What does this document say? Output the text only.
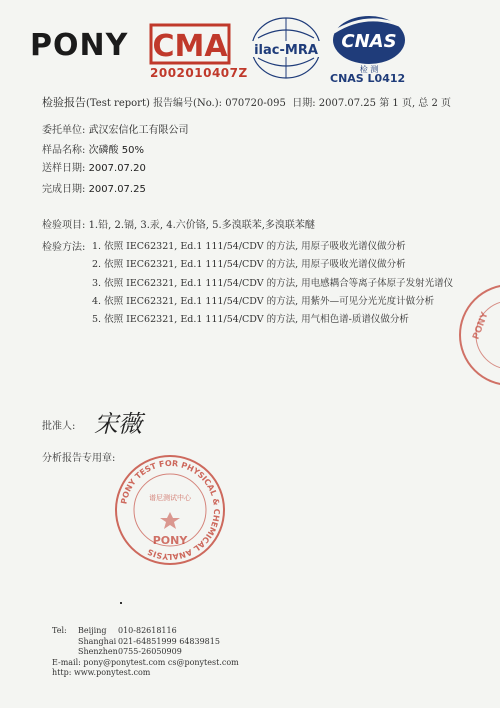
PONY CMA
2002010407Z
ilac-MRA CNAS
检 测
CNAS L0412
检验报告(Test report) 报告编号(No.): 070720-095 日期: 2007.07.25 第 1 页, 总 2 页
委托单位: 武汉宏信化工有限公司
样品名称: 次磷酸 50%
送样日期: 2007.07.20
完成日期: 2007.07.25
检验项目: 1.铅, 2.镉, 3.汞, 4.六价铬, 5.多溴联苯,多溴联苯醚
检验方法: 1. 依照 IEC62321, Ed.1 111/54/CDV 的方法, 用原子吸收光谱仪做分析
2. 依照 IEC62321, Ed.1 111/54/CDV 的方法, 用原子吸收光谱仪做分析
3. 依照 IEC62321, Ed.1 111/54/CDV 的方法, 用电感耦合等离子体原子发射光谱仪
4. 依照 IEC62321, Ed.1 111/54/CDV 的方法, 用紫外—可见分光光度计做分析
5. 依照 IEC62321, Ed.1 111/54/CDV 的方法, 用气相色谱-质谱仪做分析
批准人: 宋薇
分析报告专用章:
PONY TEST FOR PHYSICAL & CHEMICAL ANALYSIS
谱尼测试中心
PONY
PONY
Tel: Beijing 010-82618116
Shanghai 021-64851999 64839815
Shenzhen0755-26050909
E-mail: pony@ponytest.com cs@ponytest.com
http: www.ponytest.com
